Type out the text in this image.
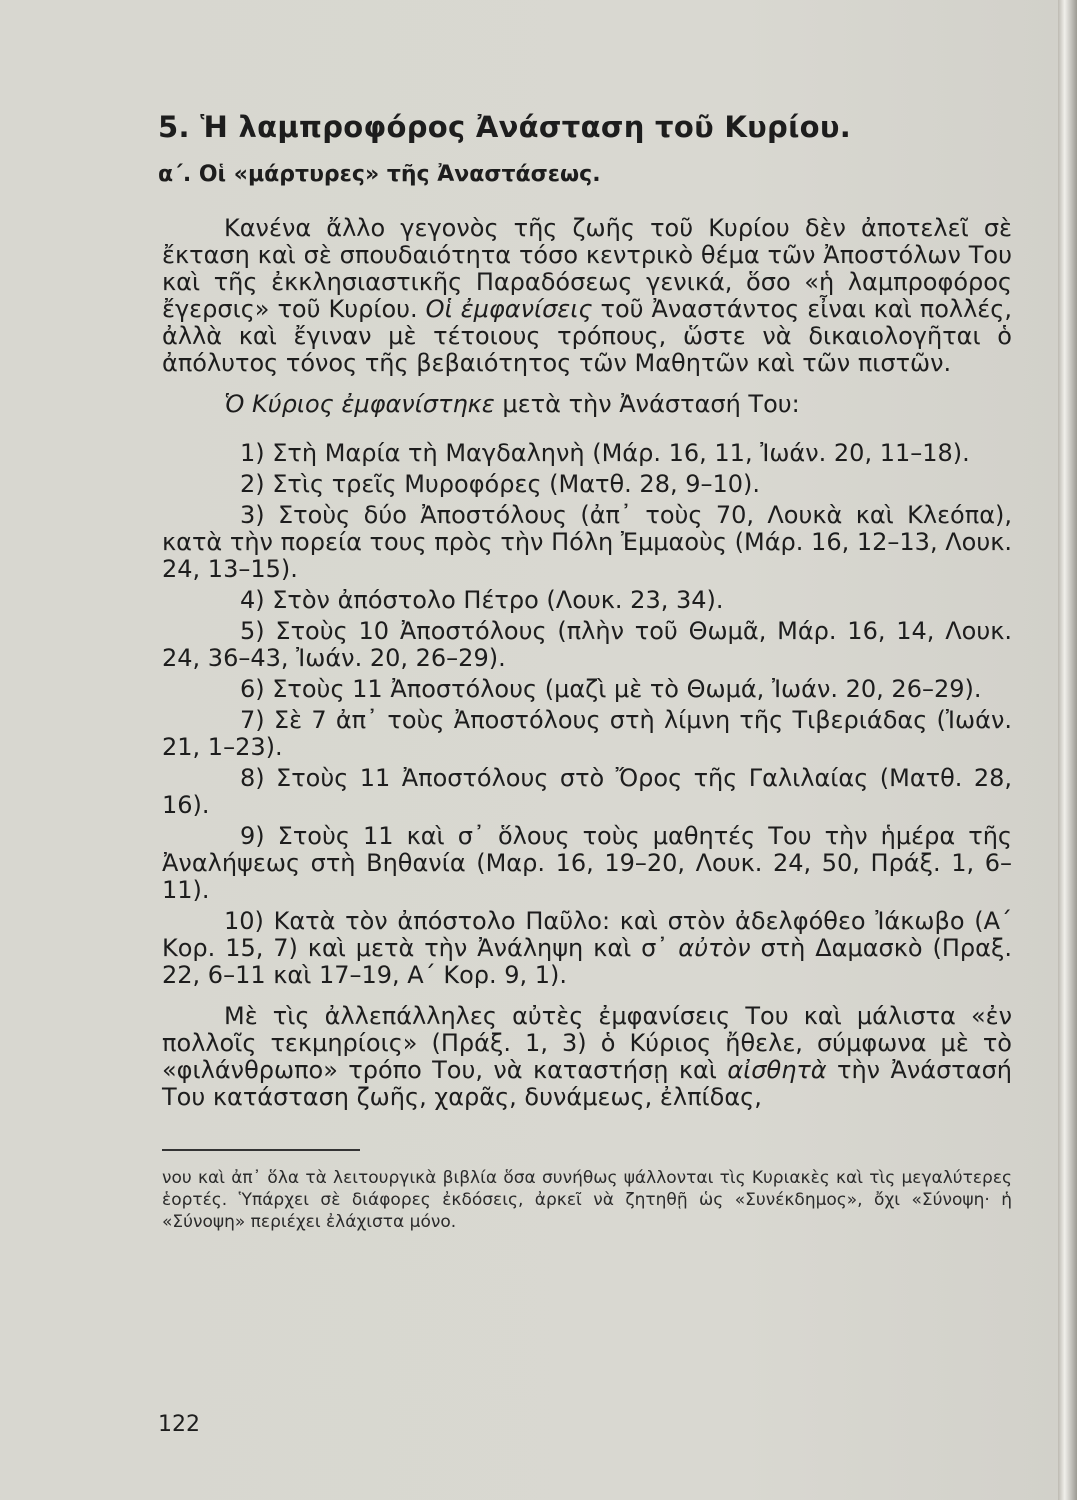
5. Ἡ λαμπροφόρος Ἀνάσταση τοῦ Κυρίου.
α΄. Οἱ «μάρτυρες» τῆς Ἀναστάσεως.

Κανένα ἄλλο γεγονὸς τῆς ζωῆς τοῦ Κυρίου δὲν ἀποτελεῖ σὲ ἔκταση καὶ σὲ σπουδαιότητα τόσο κεντρικὸ θέμα τῶν Ἀποστόλων Του καὶ τῆς ἐκκλησιαστικῆς Παραδόσεως γενικά, ὅσο «ἡ λαμπροφόρος ἔγερσις» τοῦ Κυρίου. Οἱ ἐμφανίσεις τοῦ Ἀναστάντος εἶναι καὶ πολλές, ἀλλὰ καὶ ἔγιναν μὲ τέτοιους τρόπους, ὥστε νὰ δικαιολογῆται ὁ ἀπόλυτος τόνος τῆς βεβαιότητος τῶν Μαθητῶν καὶ τῶν πιστῶν.

Ὁ Κύριος ἐμφανίστηκε μετὰ τὴν Ἀνάστασή Του:

1) Στὴ Μαρία τὴ Μαγδαληνὴ (Μάρ. 16, 11, Ἰωάν. 20, 11–18).

2) Στὶς τρεῖς Μυροφόρες (Ματθ. 28, 9–10).

3) Στοὺς δύο Ἀποστόλους (ἀπ᾿ τοὺς 70, Λουκὰ καὶ Κλεόπα), κατὰ τὴν πορεία τους πρὸς τὴν Πόλη Ἐμμαοὺς (Μάρ. 16, 12–13, Λουκ. 24, 13–15).

4) Στὸν ἀπόστολο Πέτρο (Λουκ. 23, 34).

5) Στοὺς 10 Ἀποστόλους (πλὴν τοῦ Θωμᾶ, Μάρ. 16, 14, Λουκ. 24, 36–43, Ἰωάν. 20, 26–29).

6) Στοὺς 11 Ἀποστόλους (μαζὶ μὲ τὸ Θωμά, Ἰωάν. 20, 26–29).

7) Σὲ 7 ἀπ᾿ τοὺς Ἀποστόλους στὴ λίμνη τῆς Τιβεριάδας (Ἰωάν. 21, 1–23).

8) Στοὺς 11 Ἀποστόλους στὸ Ὄρος τῆς Γαλιλαίας (Ματθ. 28, 16).

9) Στοὺς 11 καὶ σ᾿ ὅλους τοὺς μαθητές Του τὴν ἡμέρα τῆς Ἀναλήψεως στὴ Βηθανία (Μαρ. 16, 19–20, Λουκ. 24, 50, Πράξ. 1, 6–11).

10) Κατὰ τὸν ἀπόστολο Παῦλο: καὶ στὸν ἀδελφόθεο Ἰάκωβο (Α΄ Κορ. 15, 7) καὶ μετὰ τὴν Ἀνάληψη καὶ σ᾿ αὐτὸν στὴ Δαμασκὸ (Πραξ. 22, 6–11 καὶ 17–19, Α΄ Κορ. 9, 1).

Μὲ τὶς ἀλλεπάλληλες αὐτὲς ἐμφανίσεις Του καὶ μάλιστα «ἐν πολλοῖς τεκμηρίοις» (Πράξ. 1, 3) ὁ Κύριος ἤθελε, σύμφωνα μὲ τὸ «φιλάνθρωπο» τρόπο Του, νὰ καταστήσῃ καὶ αἰσθητὰ τὴν Ἀνάστασή Του κατάσταση ζωῆς, χαρᾶς, δυνάμεως, ἐλπίδας,

νου καὶ ἀπ᾿ ὅλα τὰ λειτουργικὰ βιβλία ὅσα συνήθως ψάλλονται τὶς Κυριακὲς καὶ τὶς μεγαλύτερες ἑορτές. Ὑπάρχει σὲ διάφορες ἐκδόσεις, ἀρκεῖ νὰ ζητηθῇ ὡς «Συνέκδημος», ὄχι «Σύνοψη· ἡ «Σύνοψη» περιέχει ἐλάχιστα μόνο.

122
